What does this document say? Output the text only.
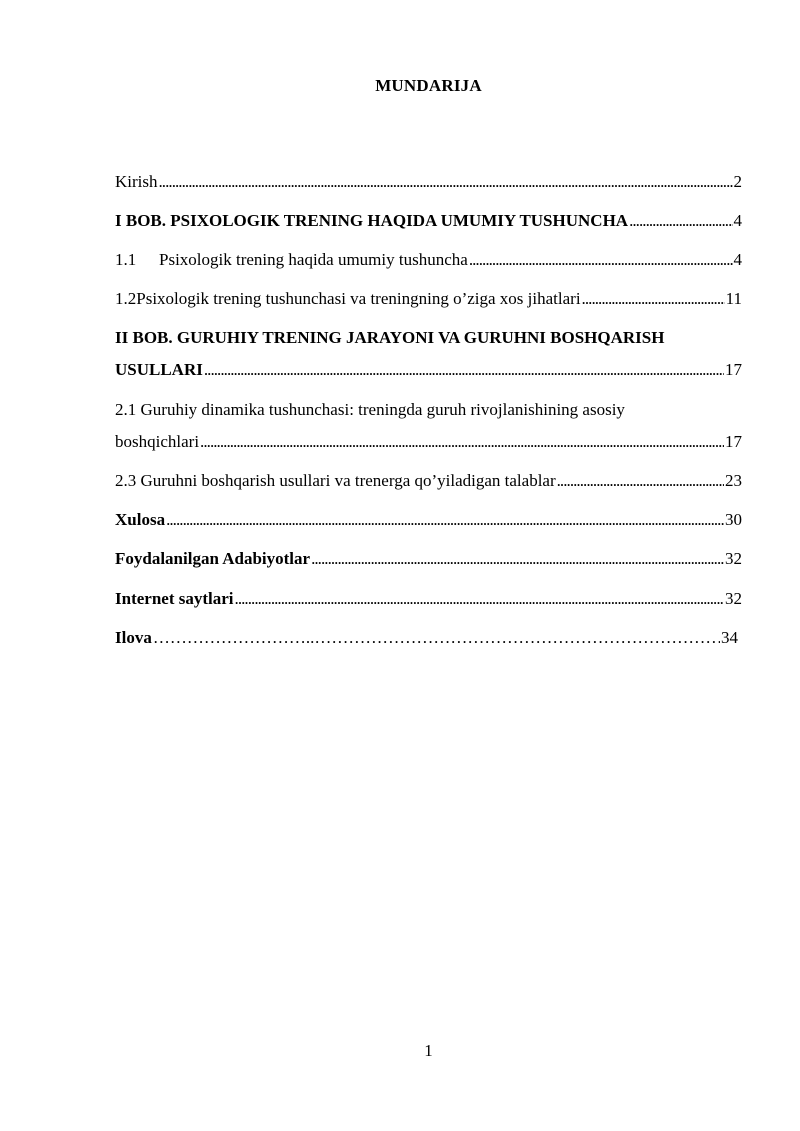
MUNDARIJA
Kirish . . .	2
I BOB. PSIXOLOGIK TRENING HAQIDA UMUMIY TUSHUNCHA . . .	4
1.1 Psixologik trening haqida umumiy tushuncha . . .	4
1.2Psixologik trening tushunchasi va treningning o’ziga xos jihatlari . . .	11
II BOB. GURUHIY TRENING JARAYONI VA GURUHNI BOSHQARISH
USULLARI . . .	17
2.1 Guruhiy dinamika tushunchasi: treningda guruh rivojlanishining asosiy
boshqichlari . . .	17
2.3 Guruhni boshqarish usullari va trenerga qo’yiladigan talablar . . .	23
Xulosa . . .	30
Foydalanilgan Adabiyotlar . . .	32
Internet saytlari . . .	32
Ilova ………………………..………………………………………………………………………………………………………………………	34
1
